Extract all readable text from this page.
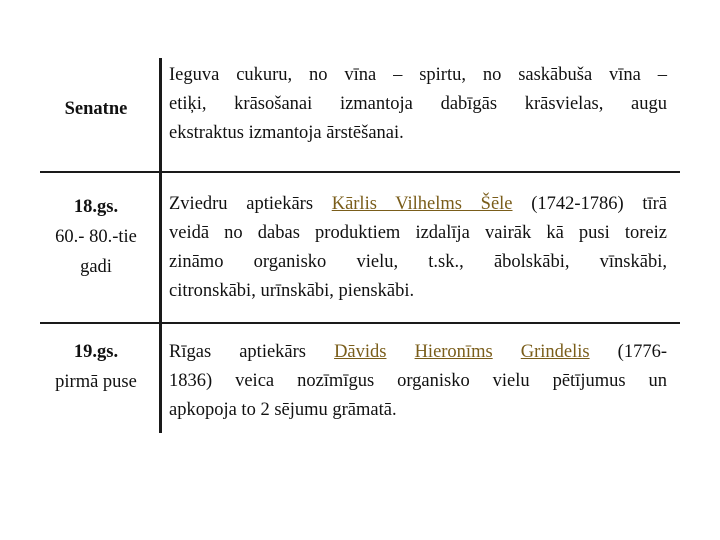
Senatne
Ieguva cukuru, no vīna – spirtu, no saskābuša vīna –
etiķi, krāsošanai izmantoja dabīgās krāsvielas, augu
ekstraktus izmantoja ārstēšanai.
18.gs.
60.- 80.-tie
gadi
Zviedru aptiekārs Kārlis Vilhelms Šēle (1742-1786) tīrā
veidā no dabas produktiem izdalīja vairāk kā pusi toreiz
zināmo organisko vielu, t.sk., ābolskābi, vīnskābi,
citronskābi, urīnskābi, pienskābi.
19.gs.
pirmā puse
Rīgas aptiekārs Dāvids Hieronīms Grindelis (1776-
1836) veica nozīmīgus organisko vielu pētījumus un
apkopoja to 2 sējumu grāmatā.
